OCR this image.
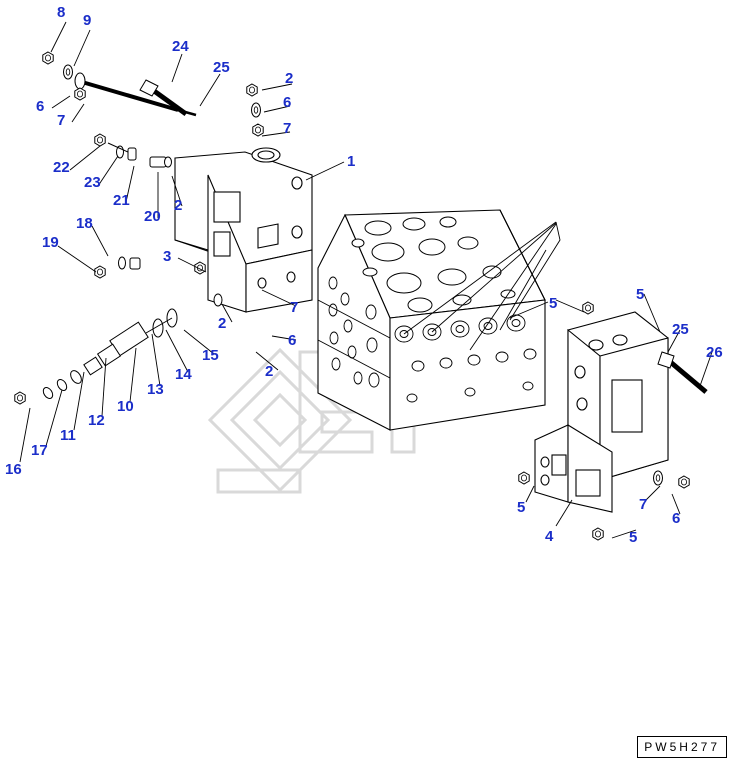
8 9
24
25
2
6	6
7	7
1
22
23
21
20
2
18
19
3
7	5
5
2
6
25
26
15
14	2
13
10
12
11
17
16
5
4
7
6
5
PW5H277
